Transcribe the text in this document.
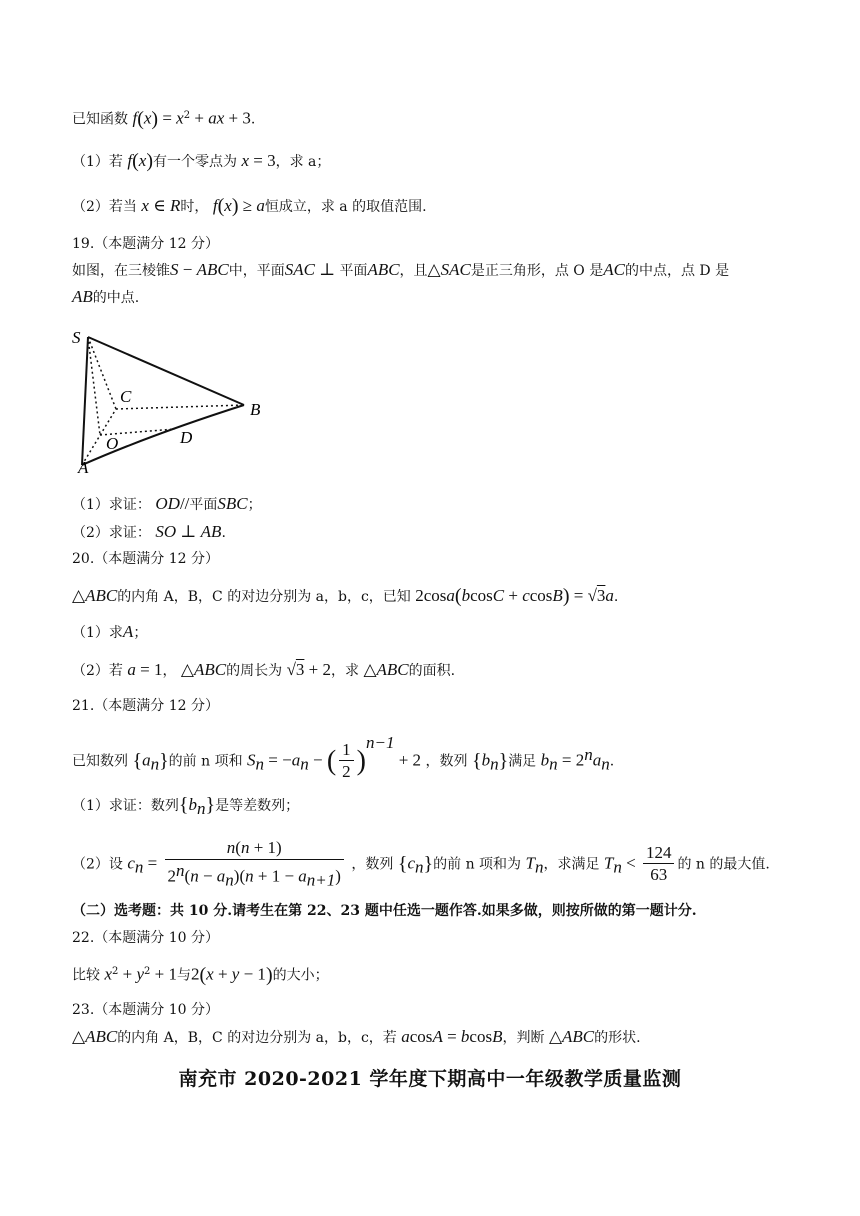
已知函数 $f(x) = x^2$ + ax + 3.
（1）若 f(x)有一个零点为 x = 3，求 a；
（2）若当 x ∈ R时， f(x) ≥ a恒成立，求 a 的取值范围.
19.（本题满分 12 分）
如图，在三棱锥S − ABC中，平面SAC ⊥ 平面ABC，且△SAC是正三角形，点 O 是AC的中点，点 D 是
AB的中点.
S
C
B
O	D
A
（1）求证： OD//平面SBC；
（2）求证： SO ⊥ AB.
20.（本题满分 12 分）
△ABC的内角 A，B，C 的对边分别为 a，b，c，已知 2cosa(bcosC + ccosB) = √3a.
（1）求A；
（2）若 a = 1， △ABC的周长为 √3 + 2，求 △ABC的面积.
21.（本题满分 12 分）
已知数列 $\{a_n\}$的前 n 项和 $S_n = -a_n$ − ( $\frac{1}{2} )^{n-1} + 2$ ，数列 $\{b_n\}$满足 $b_n = 2^na_n$.
（1）求证：数列$\{b_n\}$是等差数列；
（2）设 $c_n = \frac{n(n + 1)}{2^n(n - a_n)(n + 1 - a_{n+1})}$ ，数列 $\{c_n\}$的前 n 项和为 $T_n$，求满足 $T_n < \frac{124}{63}$ 的 n 的最大值.
（二）选考题：共 10 分.请考生在第 22、23 题中任选一题作答.如果多做，则按所做的第一题计分.
22.（本题满分 10 分）
比较 $x^2 + y^2 + 1$与2(x + y − 1)的大小；
23.（本题满分 10 分）
△ABC的内角 A，B，C 的对边分别为 a，b，c，若 acosA = bcosB，判断 △ABC的形状.
南充市 2020-2021 学年度下期高中一年级教学质量监测
